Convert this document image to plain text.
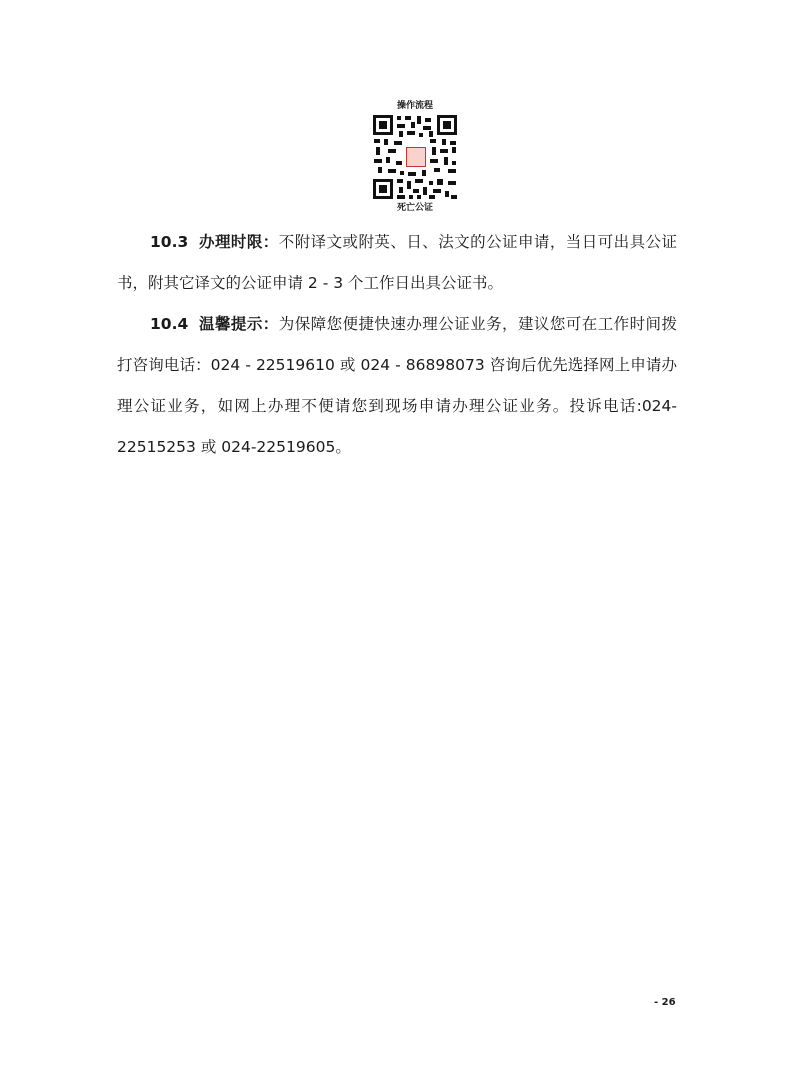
操作流程
死亡公证

10.3 办理时限：不附译文或附英、日、法文的公证申请，当日可出具公证书，附其它译文的公证申请 2 - 3 个工作日出具公证书。

10.4 温馨提示：为保障您便捷快速办理公证业务，建议您可在工作时间拨打咨询电话：024 - 22519610 或 024 - 86898073 咨询后优先选择网上申请办理公证业务，如网上办理不便请您到现场申请办理公证业务。投诉电话:024-22515253 或 024-22519605。

- 26
